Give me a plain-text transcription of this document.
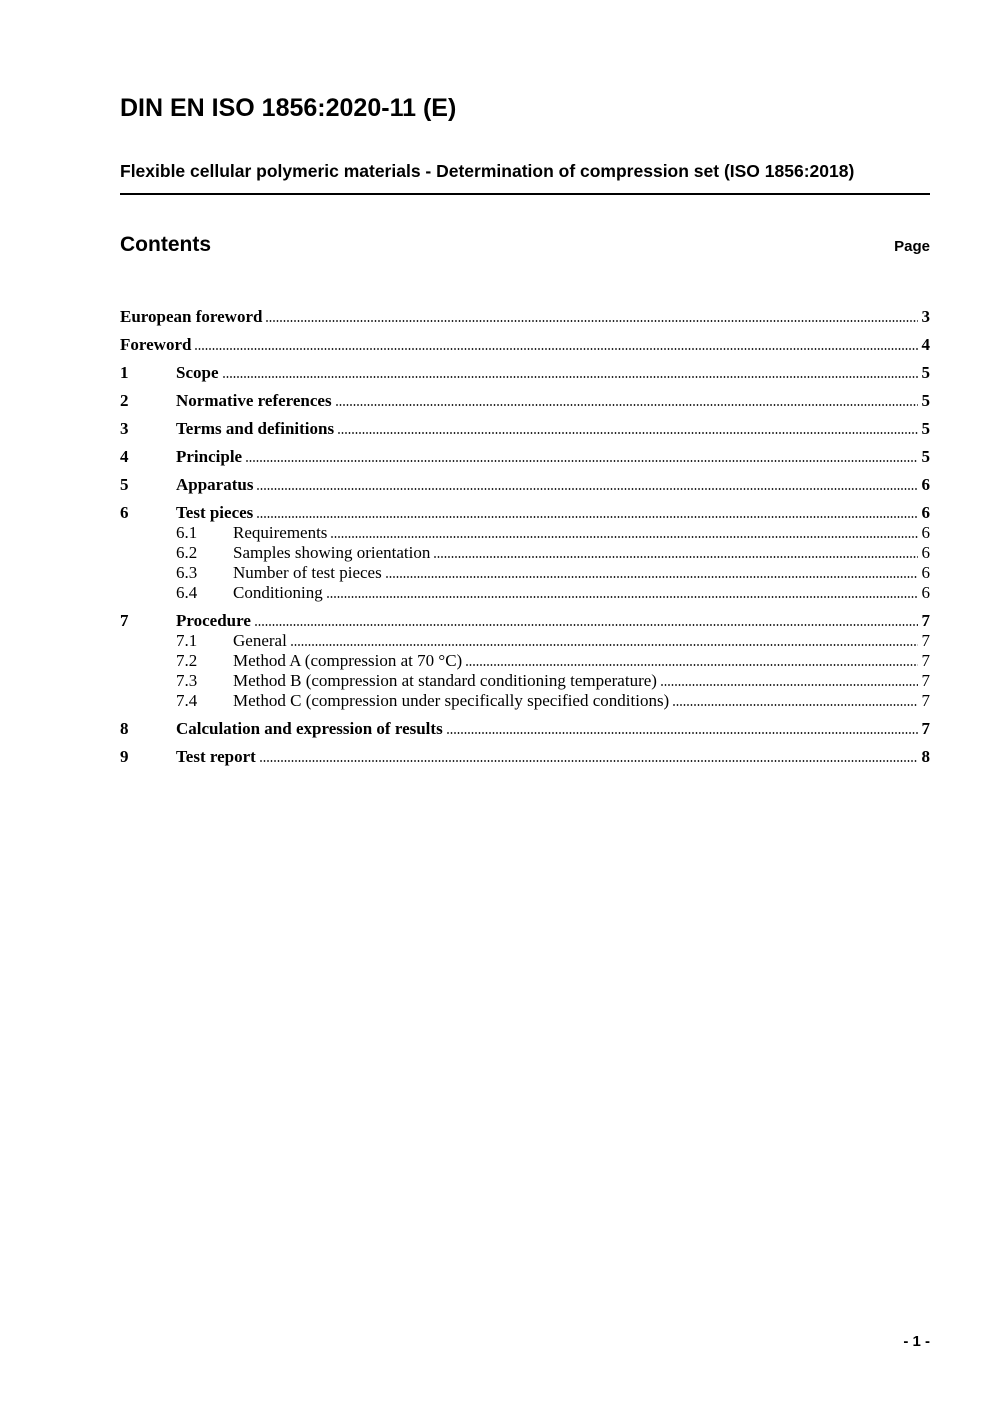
DIN EN ISO 1856:2020-11 (E)
Flexible cellular polymeric materials - Determination of compression set (ISO 1856:2018)
Contents	Page
European foreword	3
Foreword	4
1	Scope	5
2	Normative references	5
3	Terms and definitions	5
4	Principle	5
5	Apparatus	6
6	Test pieces	6
6.1	Requirements	6
6.2	Samples showing orientation	6
6.3	Number of test pieces	6
6.4	Conditioning	6
7	Procedure	7
7.1	General	7
7.2	Method A (compression at 70 °C)	7
7.3	Method B (compression at standard conditioning temperature)	7
7.4	Method C (compression under specifically specified conditions)	7
8	Calculation and expression of results	7
9	Test report	8
- 1 -
